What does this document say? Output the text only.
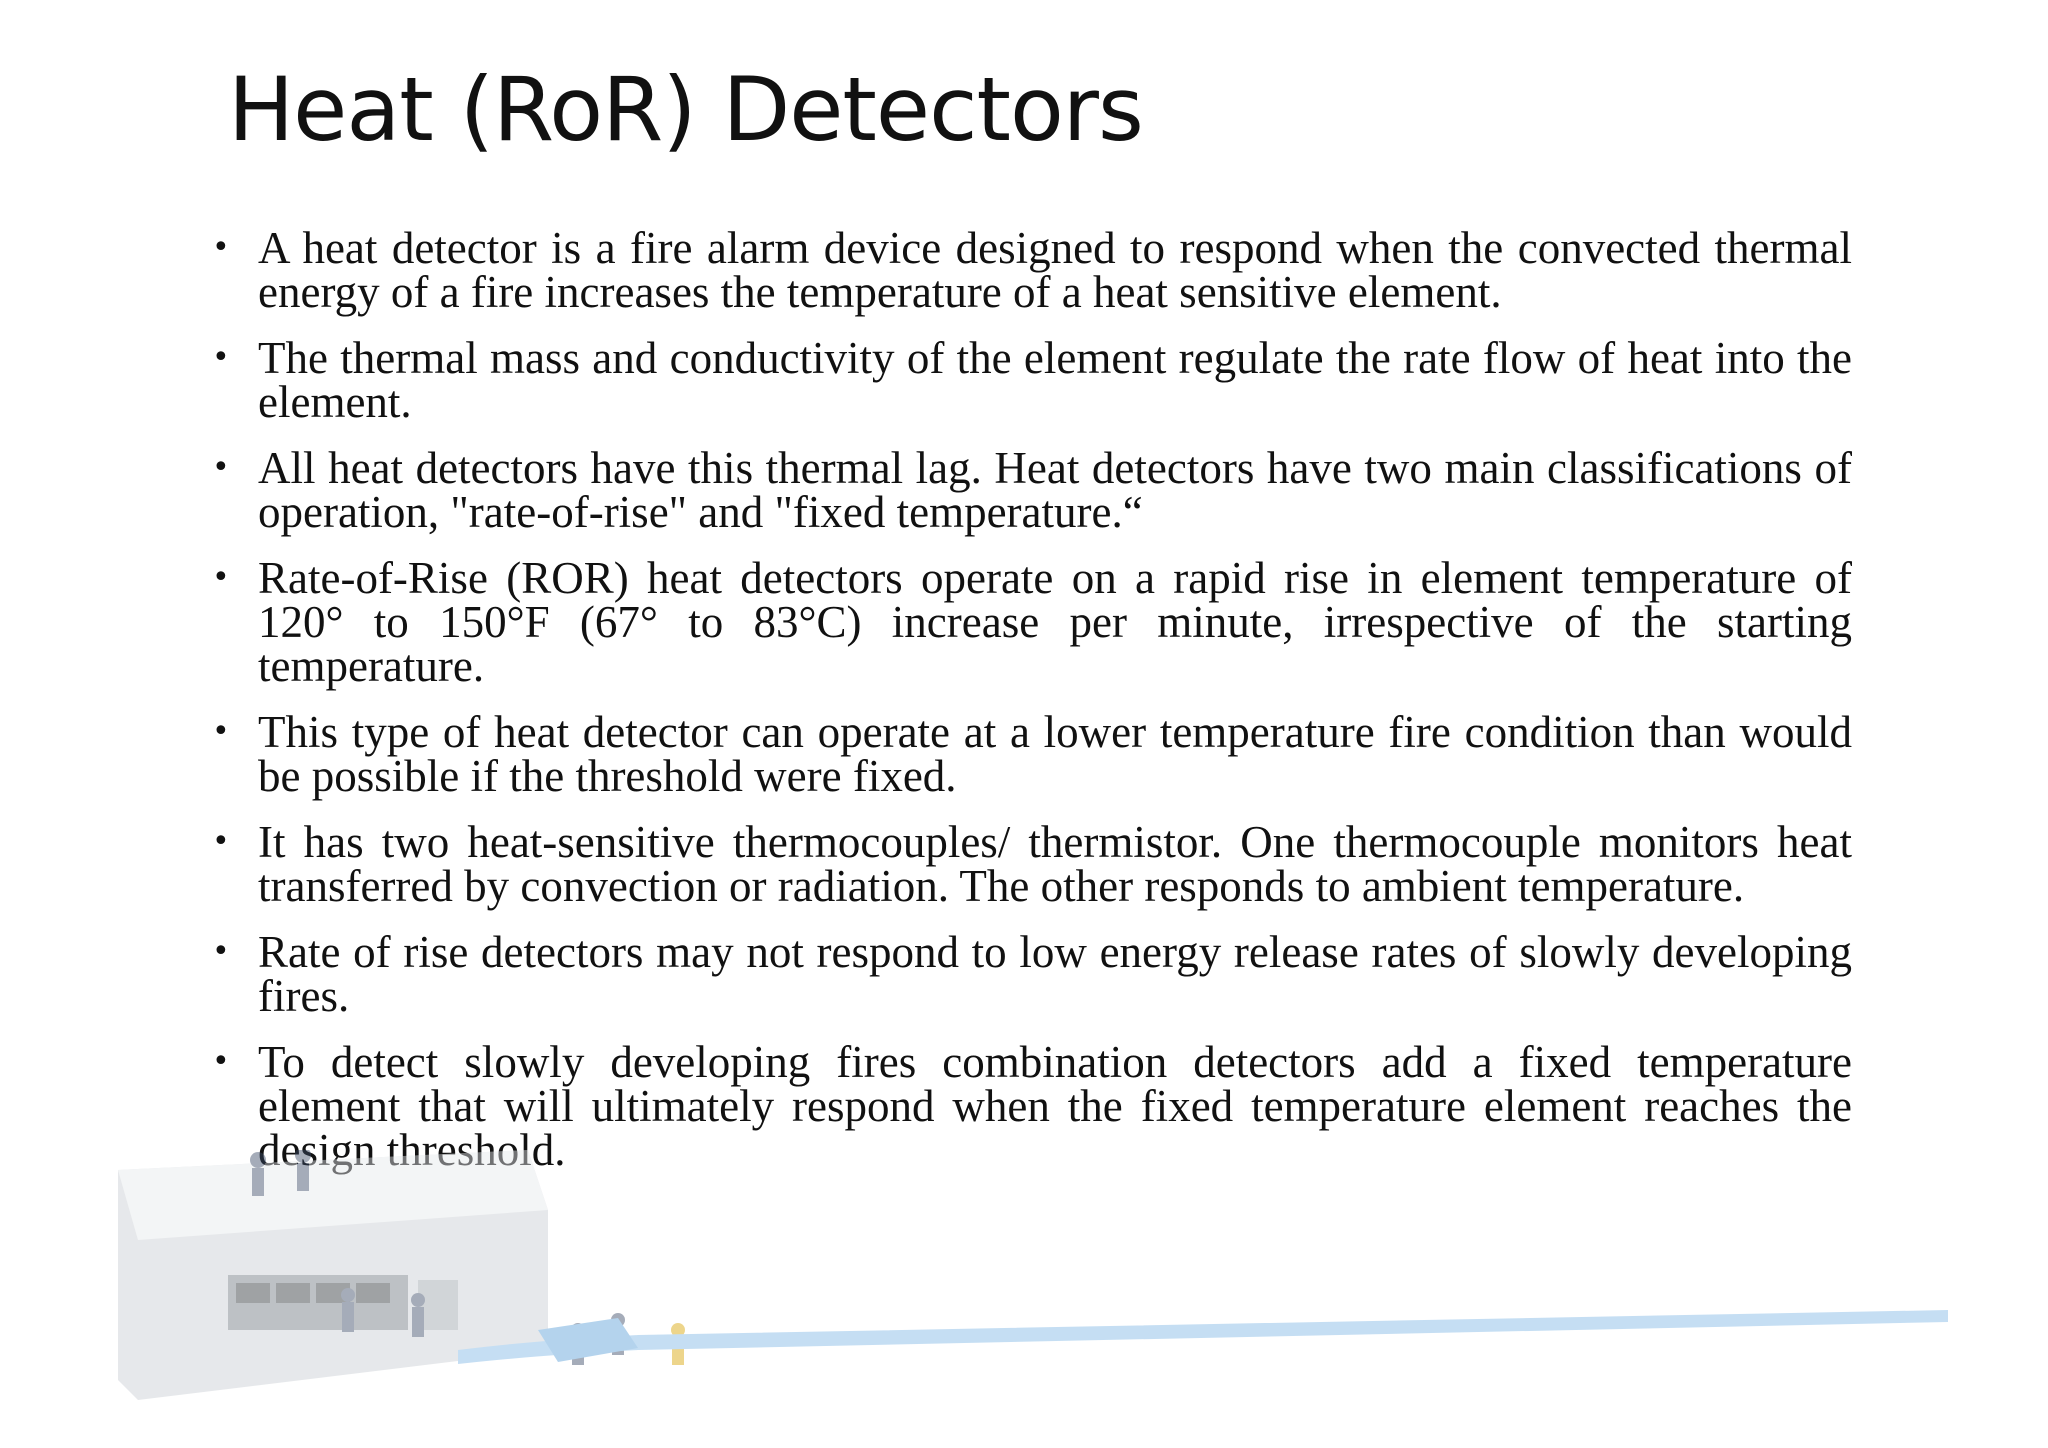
Heat (RoR) Detectors
• A heat detector is a fire alarm device designed to respond when the convected thermal energy of a fire increases the temperature of a heat sensitive element.
• The thermal mass and conductivity of the element regulate the rate flow of heat into the element.
• All heat detectors have this thermal lag. Heat detectors have two main classifications of operation, "rate-of-rise" and "fixed temperature.“
• Rate-of-Rise (ROR) heat detectors operate on a rapid rise in element temperature of 120° to 150°F (67° to 83°C) increase per minute, irrespective of the starting temperature.
• This type of heat detector can operate at a lower temperature fire condition than would be possible if the threshold were fixed.
• It has two heat-sensitive thermocouples/ thermistor. One thermocouple monitors heat transferred by convection or radiation. The other responds to ambient temperature.
• Rate of rise detectors may not respond to low energy release rates of slowly developing fires.
• To detect slowly developing fires combination detectors add a fixed temperature element that will ultimately respond when the fixed temperature element reaches the design threshold.
